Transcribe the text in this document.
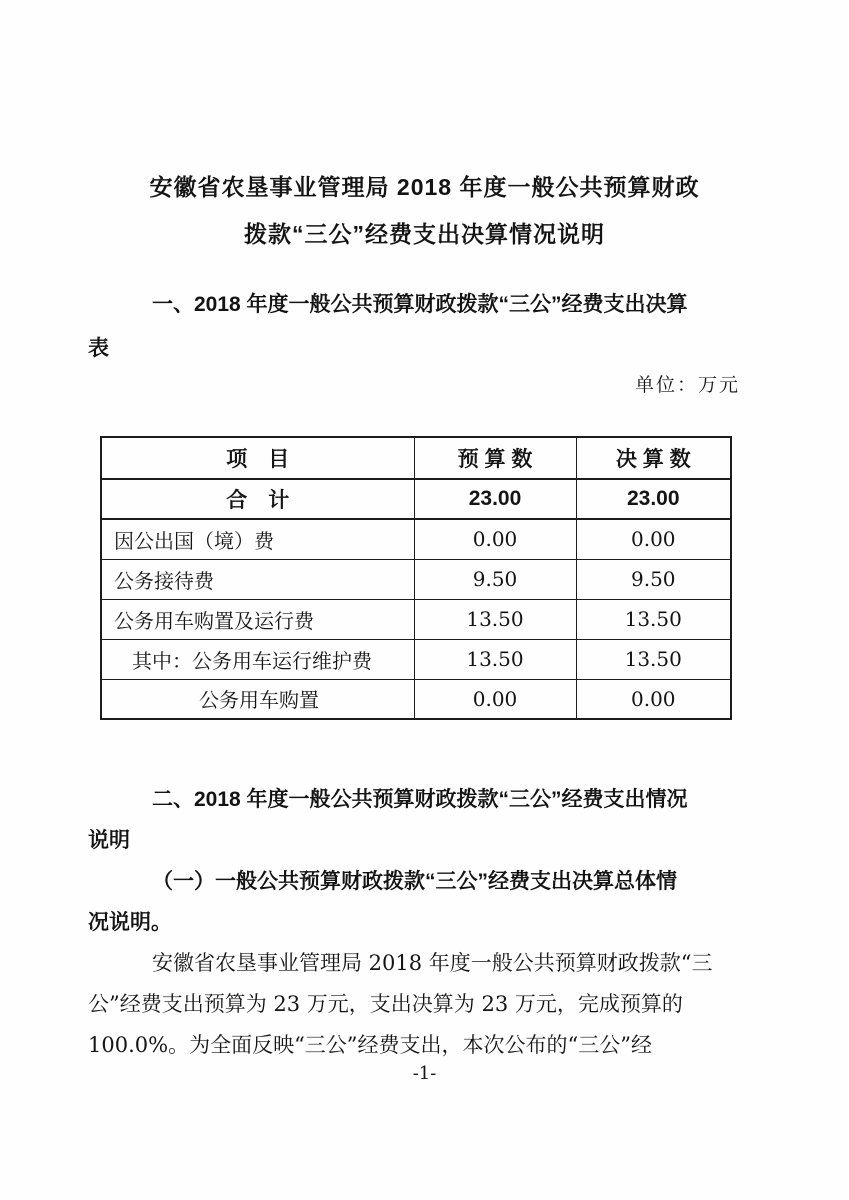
安徽省农垦事业管理局 2018 年度一般公共预算财政
拨款“三公”经费支出决算情况说明

一、2018 年度一般公共预算财政拨款“三公”经费支出决算
表

单位：万元

项　目	预 算 数	决 算 数
合　计	23.00	23.00
因公出国（境）费	0.00	0.00
公务接待费	9.50	9.50
公务用车购置及运行费	13.50	13.50
其中：公务用车运行维护费	13.50	13.50
公务用车购置	0.00	0.00

二、2018 年度一般公共预算财政拨款“三公”经费支出情况
说明

（一）一般公共预算财政拨款“三公”经费支出决算总体情
况说明。

安徽省农垦事业管理局 2018 年度一般公共预算财政拨款“三
公”经费支出预算为 23 万元，支出决算为 23 万元，完成预算的
100.0%。为全面反映“三公”经费支出，本次公布的“三公”经

-1-
